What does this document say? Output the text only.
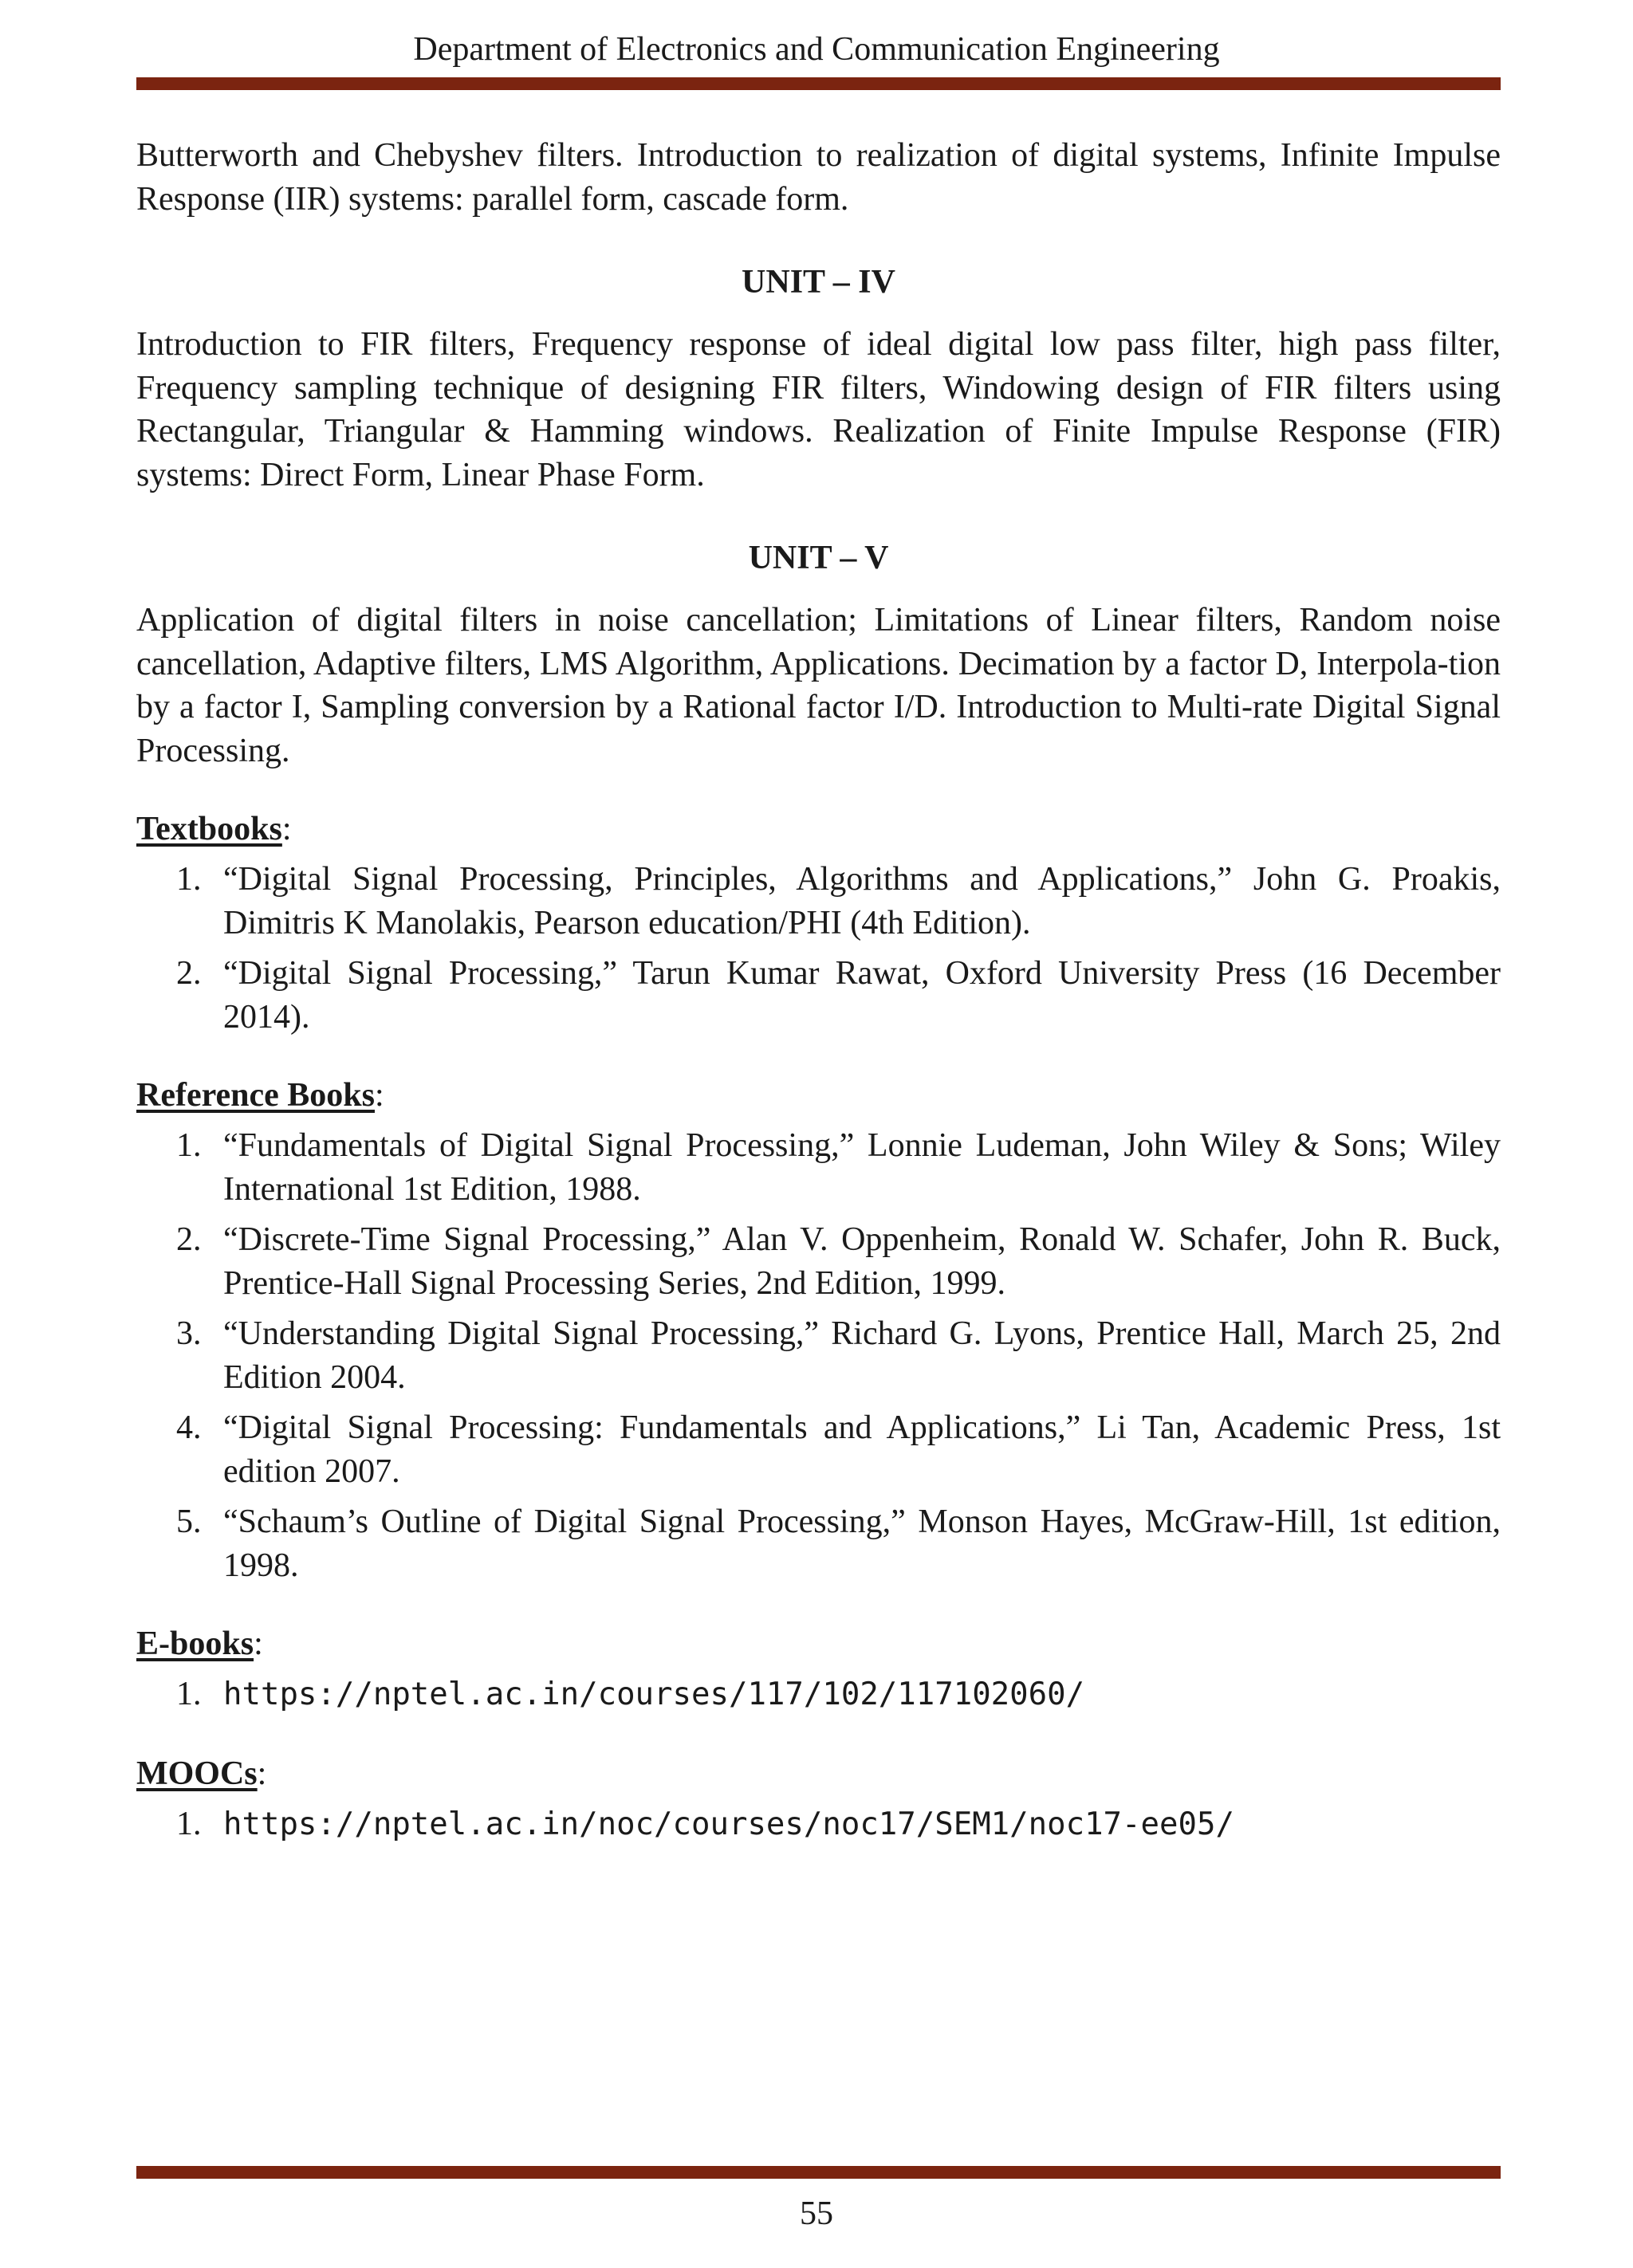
Department of Electronics and Communication Engineering

Butterworth and Chebyshev filters. Introduction to realization of digital systems, Infinite Impulse Response (IIR) systems: parallel form, cascade form.

UNIT – IV

Introduction to FIR filters, Frequency response of ideal digital low pass filter, high pass filter, Frequency sampling technique of designing FIR filters, Windowing design of FIR filters using Rectangular, Triangular & Hamming windows. Realization of Finite Impulse Response (FIR) systems: Direct Form, Linear Phase Form.

UNIT – V

Application of digital filters in noise cancellation; Limitations of Linear filters, Random noise cancellation, Adaptive filters, LMS Algorithm, Applications. Decimation by a factor D, Interpola-tion by a factor I, Sampling conversion by a Rational factor I/D. Introduction to Multi-rate Digital Signal Processing.

Textbooks:
1. “Digital Signal Processing, Principles, Algorithms and Applications,” John G. Proakis, Dimitris K Manolakis, Pearson education/PHI (4th Edition).
2. “Digital Signal Processing,” Tarun Kumar Rawat, Oxford University Press (16 December 2014).
Reference Books:
1. “Fundamentals of Digital Signal Processing,” Lonnie Ludeman, John Wiley & Sons; Wiley International 1st Edition, 1988.
2. “Discrete-Time Signal Processing,” Alan V. Oppenheim, Ronald W. Schafer, John R. Buck, Prentice-Hall Signal Processing Series, 2nd Edition, 1999.
3. “Understanding Digital Signal Processing,” Richard G. Lyons, Prentice Hall, March 25, 2nd Edition 2004.
4. “Digital Signal Processing: Fundamentals and Applications,” Li Tan, Academic Press, 1st edition 2007.
5. “Schaum’s Outline of Digital Signal Processing,” Monson Hayes, McGraw-Hill, 1st edition, 1998.
E-books:
1. https://nptel.ac.in/courses/117/102/117102060/
MOOCs:
1. https://nptel.ac.in/noc/courses/noc17/SEM1/noc17-ee05/
55
